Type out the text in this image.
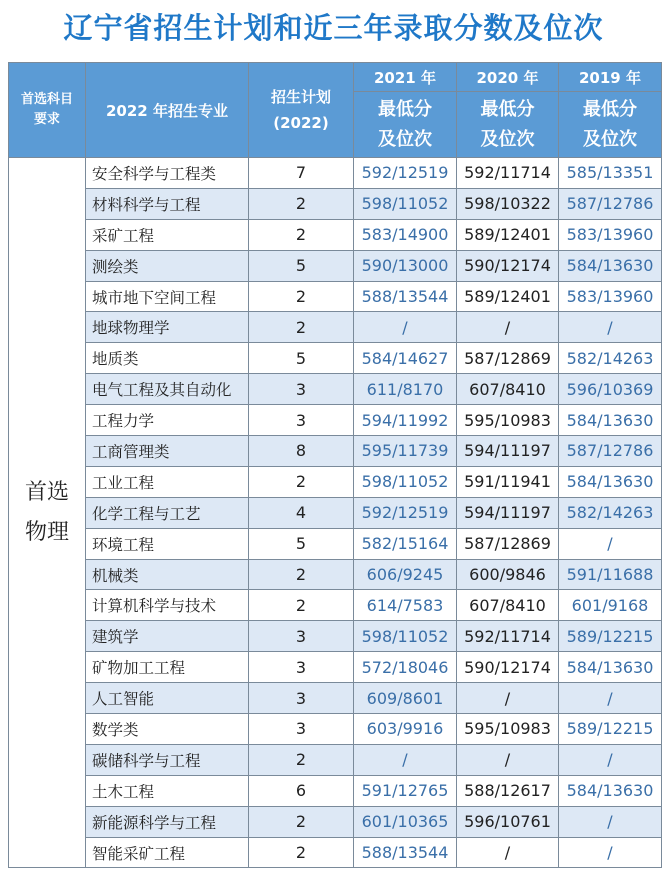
辽宁省招生计划和近三年录取分数及位次
首选科目要求	2022 年招生专业	招生计划(2022)	2021 年	2020 年	2019 年
			最低分及位次	最低分及位次	最低分及位次
首选物理	安全科学与工程类	7	592/12519	592/11714	585/13351
	材料科学与工程	2	598/11052	598/10322	587/12786
	采矿工程	2	583/14900	589/12401	583/13960
	测绘类	5	590/13000	590/12174	584/13630
	城市地下空间工程	2	588/13544	589/12401	583/13960
	地球物理学	2	/	/	/
	地质类	5	584/14627	587/12869	582/14263
	电气工程及其自动化	3	611/8170	607/8410	596/10369
	工程力学	3	594/11992	595/10983	584/13630
	工商管理类	8	595/11739	594/11197	587/12786
	工业工程	2	598/11052	591/11941	584/13630
	化学工程与工艺	4	592/12519	594/11197	582/14263
	环境工程	5	582/15164	587/12869	/
	机械类	2	606/9245	600/9846	591/11688
	计算机科学与技术	2	614/7583	607/8410	601/9168
	建筑学	3	598/11052	592/11714	589/12215
	矿物加工工程	3	572/18046	590/12174	584/13630
	人工智能	3	609/8601	/	/
	数学类	3	603/9916	595/10983	589/12215
	碳储科学与工程	2	/	/	/
	土木工程	6	591/12765	588/12617	584/13630
	新能源科学与工程	2	601/10365	596/10761	/
	智能采矿工程	2	588/13544	/	/
